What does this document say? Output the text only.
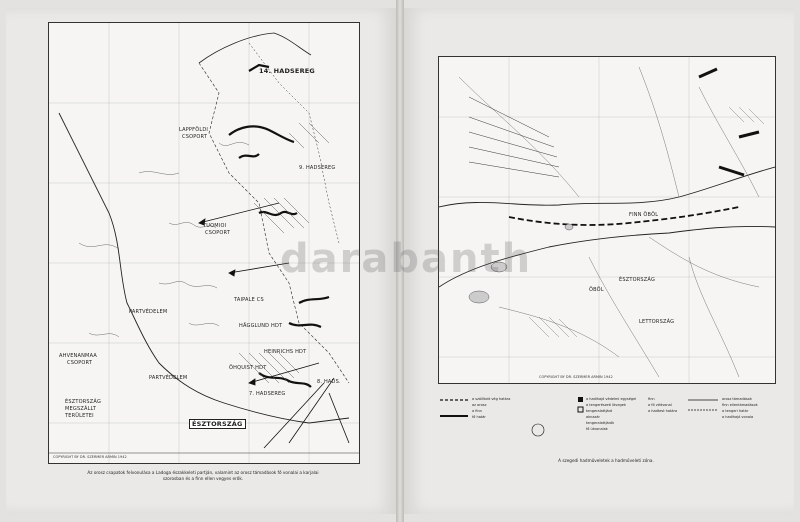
14. HADSEREG
LAPPFÖLDI
CSOPORT
9. HADSEREG
TUOMIOI
CSOPORT
PARTVÉDELEM
TAIPALE CS
HÄGGLUND HDT
AHVENANMAA
CSOPORT
HEINRICHS HDT
ÖHQUIST HDT
PARTVÉDELEM
8. HADS.
7. HADSEREG
ÉSZTORSZÁG
MEGSZÁLLT
TERÜLETEI
ÉSZTORSZÁG
COPYRIGHT BY DR. SZERMER ARMIN 1942
Az orosz csapatok felvonulása a Ladoga északkeleti partján, valamint az orosz támadások fő vonalai a karjalai
szorosban és a finn ellen vegyes erők.
FINN ÖBÖL
ÉSZTORSZÁG
ÖBÖL
LETTORSZÁG
COPYRIGHT BY DR. SZERMER ARMIN 1942
a szállított vég határa
az orosz
a finn
fő határ
a hadihajó védelmi egységei
a tengerészeti lövegek
tengeralattjáró
aknazár
tengeralattjárók
fő útvonalak
finn
a fő védvonal
a hadtest határa
orosz támadások
finn ellentámadások
a tengeri határ
a hadihajó vonala
A szegedi hadműveletek a hadműveleti zóna.
darabanth
